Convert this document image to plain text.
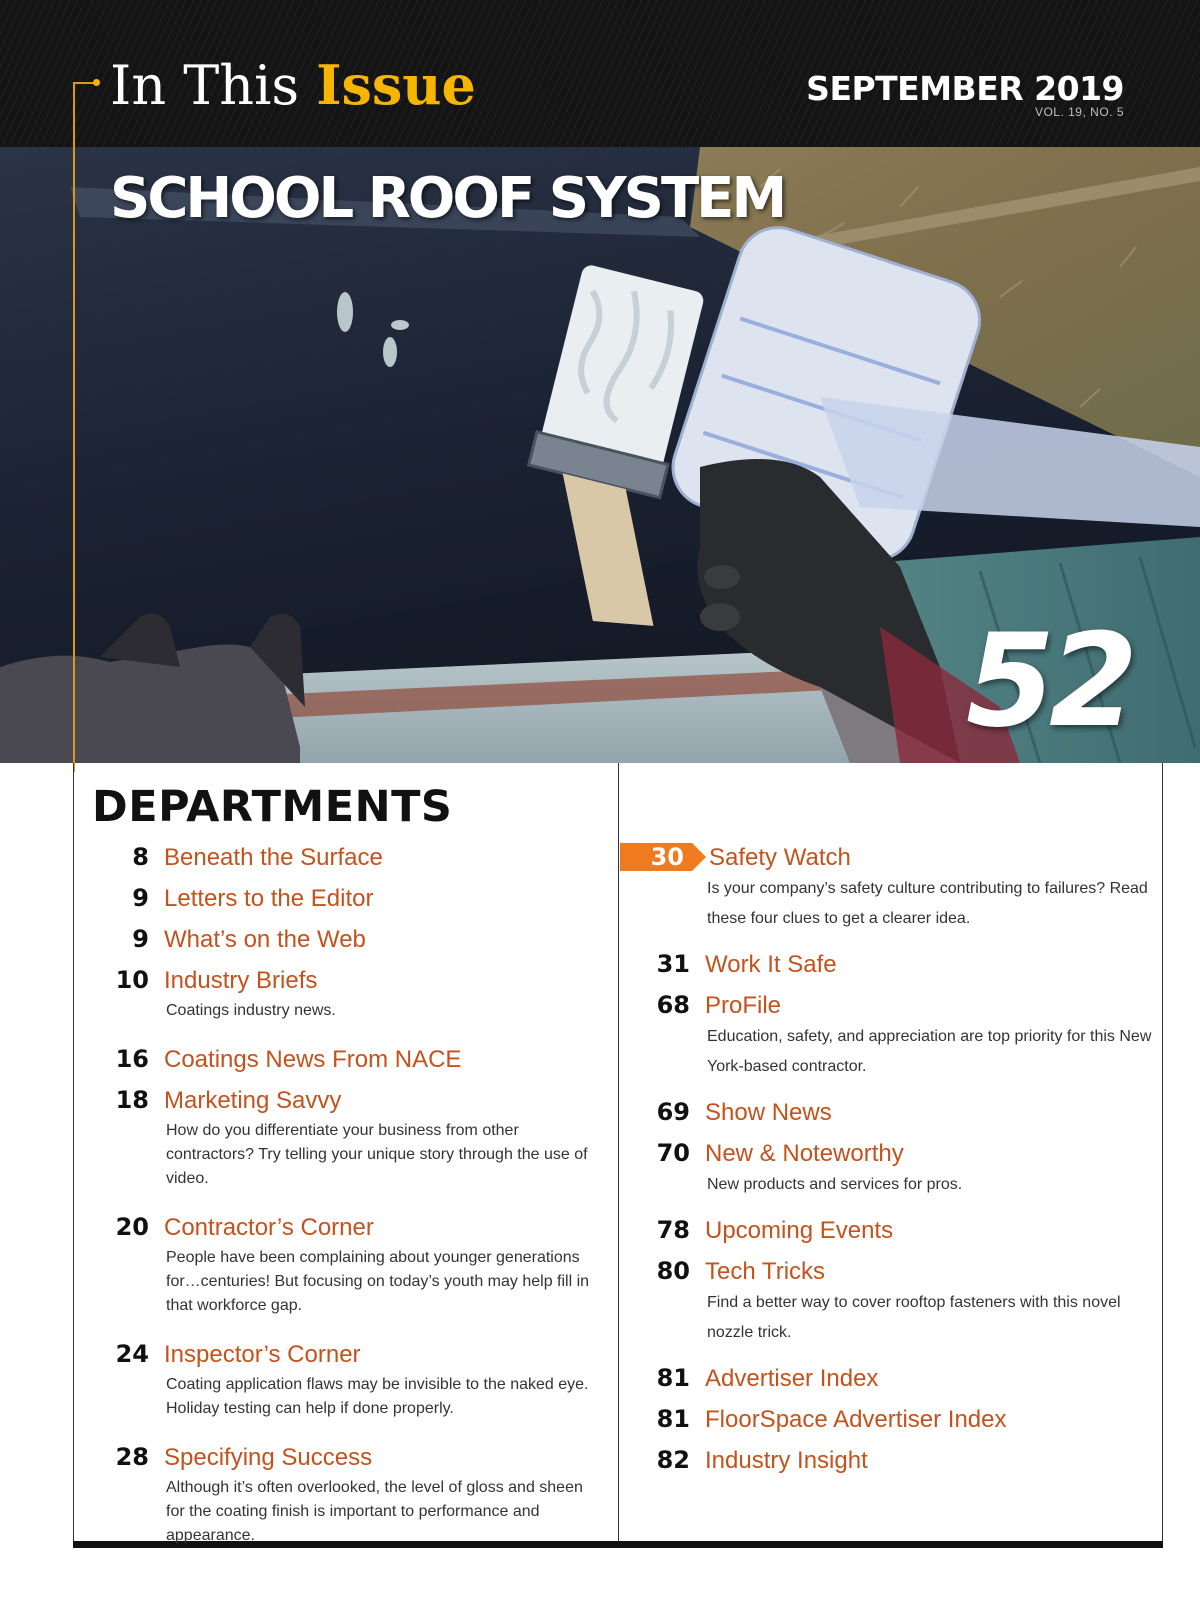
In This Issue	SEPTEMBER 2019
VOL. 19, NO. 5
SCHOOL ROOF SYSTEM
52
DEPARTMENTS
8 Beneath the Surface
9 Letters to the Editor
9 What’s on the Web
10 Industry Briefs
Coatings industry news.
16 Coatings News From NACE
18 Marketing Savvy
How do you differentiate your business from other contractors? Try telling your unique story through the use of video.
20 Contractor’s Corner
People have been complaining about younger generations for…centuries! But focusing on today’s youth may help fill in that workforce gap.
24 Inspector’s Corner
Coating application flaws may be invisible to the naked eye. Holiday testing can help if done properly.
28 Specifying Success
Although it’s often overlooked, the level of gloss and sheen for the coating finish is important to performance and appearance.
30	Safety Watch
Is your company’s safety culture contributing to failures? Read these four clues to get a clearer idea.
31 Work It Safe
68 ProFile
Education, safety, and appreciation are top priority for this New York-based contractor.
69 Show News
70 New & Noteworthy
New products and services for pros.
78 Upcoming Events
80 Tech Tricks
Find a better way to cover rooftop fasteners with this novel nozzle trick.
81 Advertiser Index
81 FloorSpace Advertiser Index
82 Industry Insight
